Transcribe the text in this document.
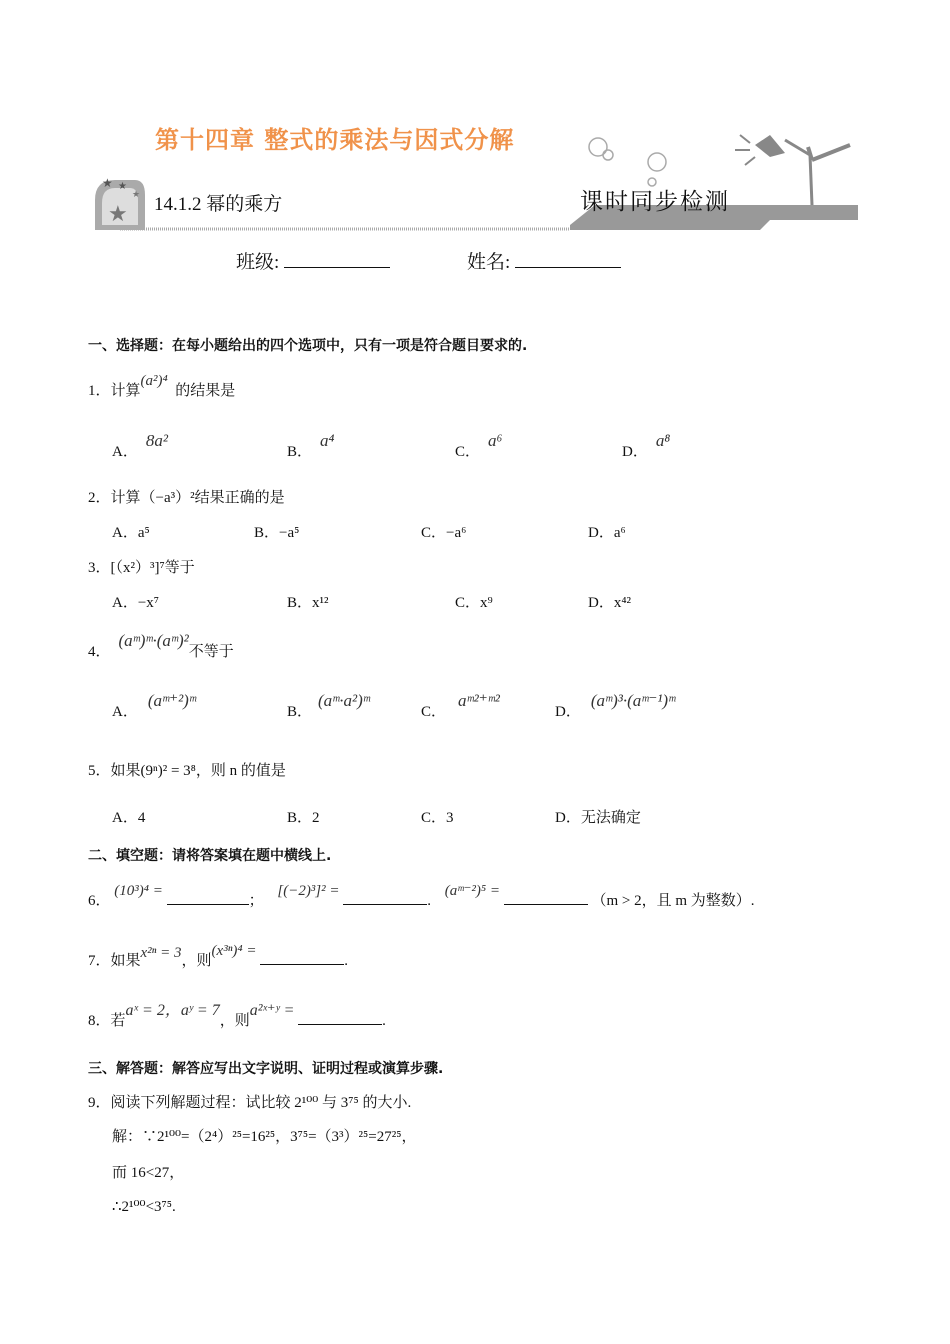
第十四章 整式的乘法与因式分解
★
★ ★
★ 14.1.2 幂的乘方	课时同步检测
班级:	姓名:
一、选择题：在每小题给出的四个选项中，只有一项是符合题目要求的.
1．计算(a²)⁴  的结果是
A．8a²
B．a⁴
C．a⁶
D．a⁸
2．计算（−a³）²结果正确的是
A．a⁵	B．−a⁵	C．−a⁶	D．a⁶
3．[（x²）³]⁷等于
A．−x⁷	B．x¹²	C．x⁹	D．x⁴²
4．(aᵐ)ᵐ·(aᵐ)²不等于
A．(aᵐ⁺²)ᵐ
B．(aᵐ·a²)ᵐ
C．aᵐ²⁺ᵐ²
D．(aᵐ)³·(aᵐ⁻¹)ᵐ
5．如果(9ⁿ)² = 3⁸，则 n 的值是
A．4	B．2	C．3	D．无法确定
二、填空题：请将答案填在题中横线上.
6． (10³)⁴ = ； [(−2)³]² = . (aᵐ⁻²)⁵ =  （m > 2，且 m 为整数）.
7．如果x²ⁿ = 3，则(x³ⁿ)⁴ = .
8．若aˣ = 2，aʸ = 7，则a²ˣ⁺ʸ = .
三、解答题：解答应写出文字说明、证明过程或演算步骤.
9．阅读下列解题过程：试比较 2¹⁰⁰ 与 3⁷⁵ 的大小.
解：∵2¹⁰⁰=（2⁴）²⁵=16²⁵，3⁷⁵=（3³）²⁵=27²⁵，
而 16<27，
∴2¹⁰⁰<3⁷⁵.
